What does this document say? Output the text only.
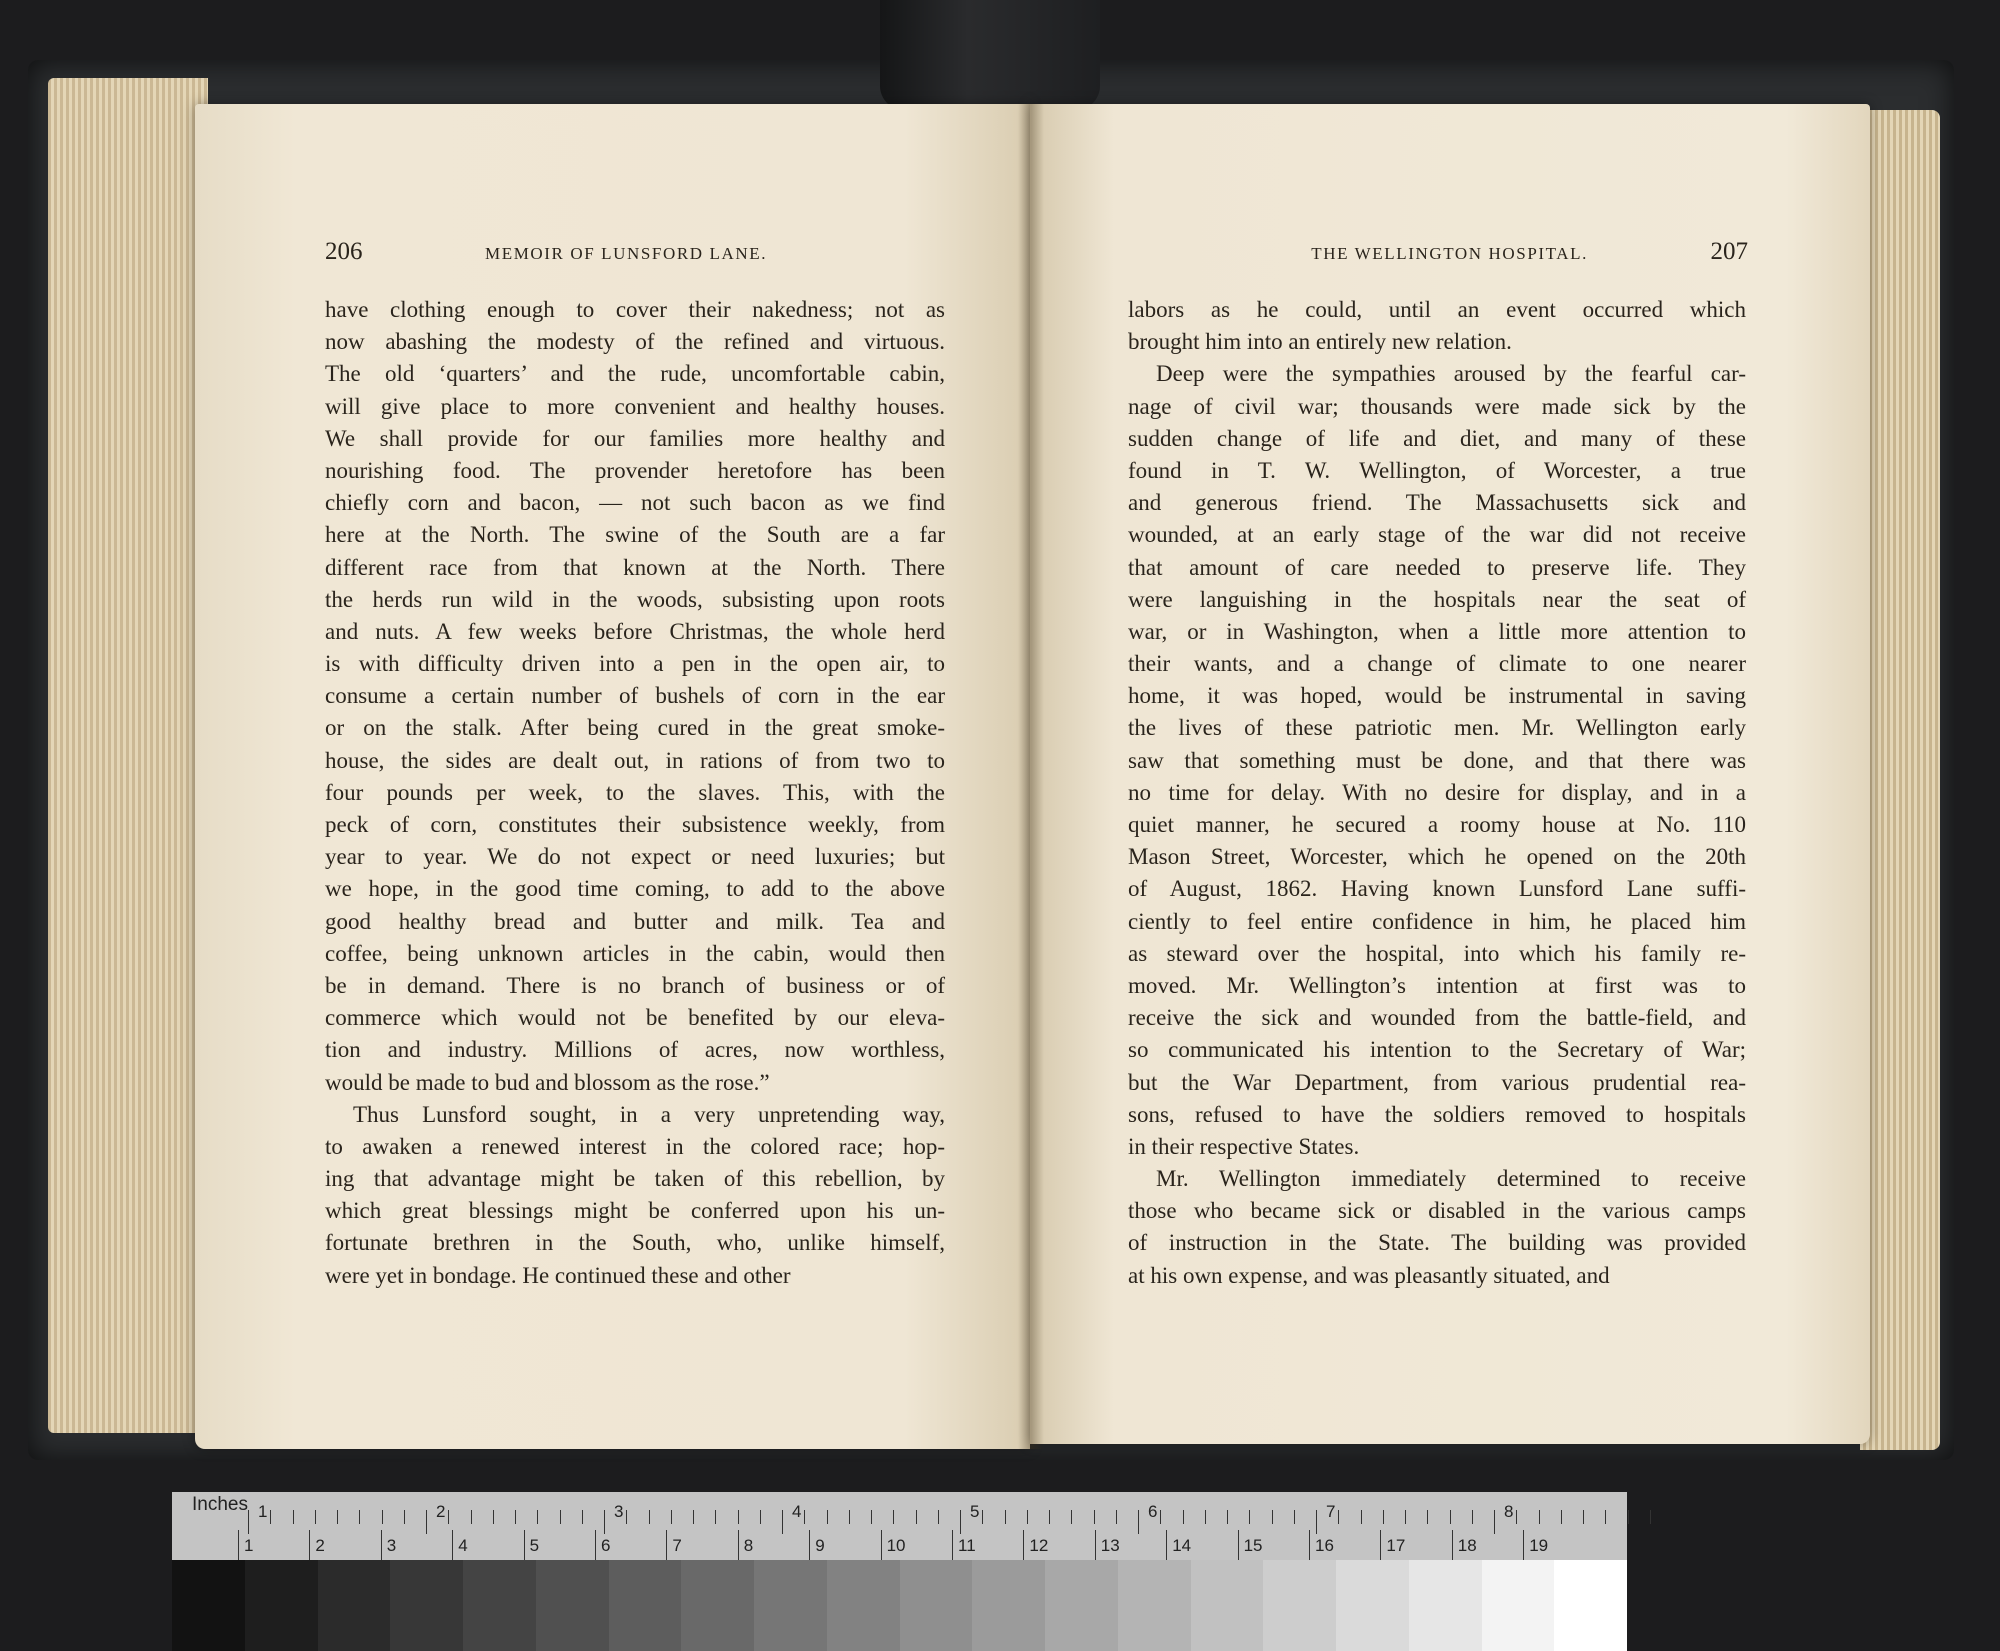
206	MEMOIR OF LUNSFORD LANE.	THE WELLINGTON HOSPITAL.	207
have clothing enough to cover their nakedness; not as
now abashing the modesty of the refined and virtuous.
The old ‘quarters’ and the rude, uncomfortable cabin,
will give place to more convenient and healthy houses.
We shall provide for our families more healthy and
nourishing food. The provender heretofore has been
chiefly corn and bacon, — not such bacon as we find
here at the North. The swine of the South are a far
different race from that known at the North. There
the herds run wild in the woods, subsisting upon roots
and nuts. A few weeks before Christmas, the whole herd
is with difficulty driven into a pen in the open air, to
consume a certain number of bushels of corn in the ear
or on the stalk. After being cured in the great smoke-
house, the sides are dealt out, in rations of from two to
four pounds per week, to the slaves. This, with the
peck of corn, constitutes their subsistence weekly, from
year to year. We do not expect or need luxuries; but
we hope, in the good time coming, to add to the above
good healthy bread and butter and milk. Tea and
coffee, being unknown articles in the cabin, would then
be in demand. There is no branch of business or of
commerce which would not be benefited by our eleva-
tion and industry. Millions of acres, now worthless,
would be made to bud and blossom as the rose.”
Thus Lunsford sought, in a very unpretending way,
to awaken a renewed interest in the colored race; hop-
ing that advantage might be taken of this rebellion, by
which great blessings might be conferred upon his un-
fortunate brethren in the South, who, unlike himself,
were yet in bondage. He continued these and other
labors as he could, until an event occurred which
brought him into an entirely new relation.
Deep were the sympathies aroused by the fearful car-
nage of civil war; thousands were made sick by the
sudden change of life and diet, and many of these
found in T. W. Wellington, of Worcester, a true
and generous friend. The Massachusetts sick and
wounded, at an early stage of the war did not receive
that amount of care needed to preserve life. They
were languishing in the hospitals near the seat of
war, or in Washington, when a little more attention to
their wants, and a change of climate to one nearer
home, it was hoped, would be instrumental in saving
the lives of these patriotic men. Mr. Wellington early
saw that something must be done, and that there was
no time for delay. With no desire for display, and in a
quiet manner, he secured a roomy house at No. 110
Mason Street, Worcester, which he opened on the 20th
of August, 1862. Having known Lunsford Lane suffi-
ciently to feel entire confidence in him, he placed him
as steward over the hospital, into which his family re-
moved. Mr. Wellington’s intention at first was to
receive the sick and wounded from the battle-field, and
so communicated his intention to the Secretary of War;
but the War Department, from various prudential rea-
sons, refused to have the soldiers removed to hospitals
in their respective States.
Mr. Wellington immediately determined to receive
those who became sick or disabled in the various camps
of instruction in the State. The building was provided
at his own expense, and was pleasantly situated, and
Inches 1	2	3	4	5	6	7	8
1	2	3	4	5	6	7	8	9	10	11	12	13	14	15	16	17	18	19
